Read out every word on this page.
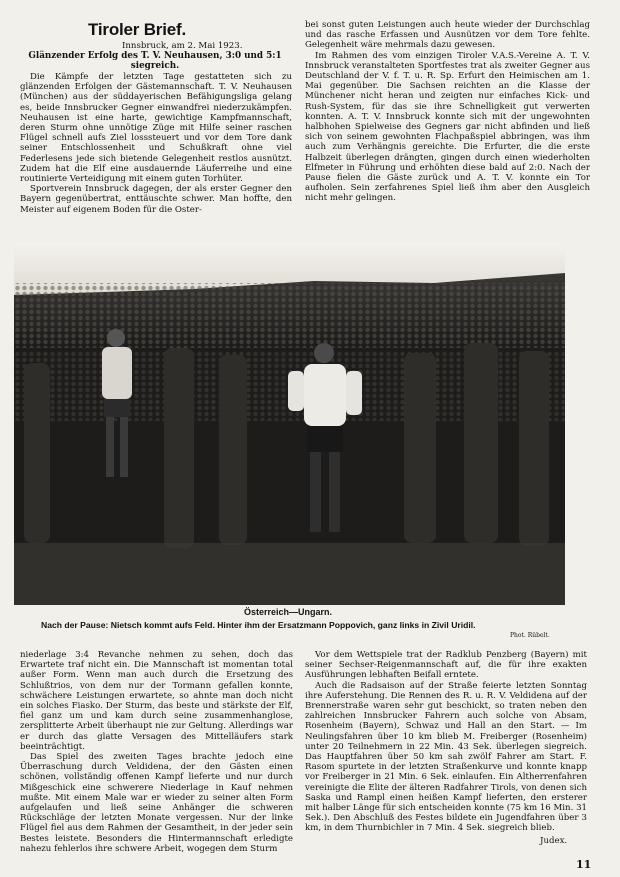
Tiroler Brief.
Innsbruck, am 2. Mai 1923.
Glänzender Erfolg des T. V. Neuhausen, 3:0 und 5:1 siegreich.

Die Kämpfe der letzten Tage gestatteten sich zu glänzenden Erfolgen der Gästemannschaft. T. V. Neuhausen (München) aus der süddayerischen Befähigungsliga gelang es, beide Innsbrucker Gegner einwandfrei niederzukämpfen. Neuhausen ist eine harte, gewichtige Kampfmannschaft, deren Sturm ohne unnötige Züge mit Hilfe seiner raschen Flügel schnell aufs Ziel losssteuert und vor dem Tore dank seiner Entschlossenheit und Schußkraft ohne viel Federlesens jede sich bietende Gelegenheit restlos ausnützt. Zudem hat die Elf eine ausdauernde Läuferreihe und eine routinierte Verteidigung mit einem guten Torhüter.

Sportverein Innsbruck dagegen, der als erster Gegner den Bayern gegenübertrat, enttäuschte schwer. Man hoffte, den Meister auf eigenem Boden für die Oster-

bei sonst guten Leistungen auch heute wieder der Durchschlag und das rasche Erfassen und Ausnützen vor dem Tore fehlte. Gelegenheit wäre mehrmals dazu gewesen.

Im Rahmen des vom einzigen Tiroler V.A.S.-Vereine A. T. V. Innsbruck veranstalteten Sportfestes trat als zweiter Gegner aus Deutschland der V. f. T. u. R. Sp. Erfurt den Heimischen am 1. Mai gegenüber. Die Sachsen reichten an die Klasse der Münchener nicht heran und zeigten nur einfaches Kick- und Rush-System, für das sie ihre Schnelligkeit gut verwerten konnten. A. T. V. Innsbruck konnte sich mit der ungewohnten halbhohen Spielweise des Gegners gar nicht abfinden und ließ sich von seinem gewohnten Flachpaßspiel abbringen, was ihm auch zum Verhängnis gereichte. Die Erfurter, die die erste Halbzeit überlegen drängten, gingen durch einen wiederholten Elfmeter in Führung und erhöhten diese bald auf 2:0. Nach der Pause fielen die Gäste zurück und A. T. V. konnte ein Tor aufholen. Sein zerfahrenes Spiel ließ ihm aber den Ausgleich nicht mehr gelingen.

Österreich—Ungarn.
Nach der Pause: Nietsch kommt aufs Feld. Hinter ihm der Ersatzmann Poppovich, ganz links in Zivil Uridil.
Phot. Rübelt.

niederlage 3:4 Revanche nehmen zu sehen, doch das Erwartete traf nicht ein. Die Mannschaft ist momentan total außer Form. Wenn man auch durch die Ersetzung des Schlußtrios, von dem nur der Tormann gefallen konnte, schwächere Leistungen erwartete, so ahnte man doch nicht ein solches Fiasko. Der Sturm, das beste und stärkste der Elf, fiel ganz um und kam durch seine zusammenhanglose, zersplitterte Arbeit überhaupt nie zur Geltung. Allerdings war er durch das glatte Versagen des Mittelläufers stark beeinträchtigt.

Das Spiel des zweiten Tages brachte jedoch eine Überraschung durch Veldidena, der den Gästen einen schönen, vollständig offenen Kampf lieferte und nur durch Mißgeschick eine schwerere Niederlage in Kauf nehmen mußte. Mit einem Male war er wieder zu seiner alten Form aufgelaufen und ließ seine Anhänger die schweren Rückschläge der letzten Monate vergessen. Nur der linke Flügel fiel aus dem Rahmen der Gesamtheit, in der jeder sein Bestes leistete. Besonders die Hintermannschaft erledigte nahezu fehlerlos ihre schwere Arbeit, wogegen dem Sturm

Vor dem Wettspiele trat der Radklub Penzberg (Bayern) mit seiner Sechser-Reigenmannschaft auf, die für ihre exakten Ausführungen lebhaften Beifall erntete.

Auch die Radsaison auf der Straße feierte letzten Sonntag ihre Auferstehung. Die Rennen des R. u. R. V. Veldidena auf der Brennerstraße waren sehr gut beschickt, so traten neben den zahlreichen Innsbrucker Fahrern auch solche von Absam, Rosenheim (Bayern), Schwaz und Hall an den Start. — Im Neulingsfahren über 10 km blieb M. Freiberger (Rosenheim) unter 20 Teilnehmern in 22 Min. 43 Sek. überlegen siegreich. Das Hauptfahren über 50 km sah zwölf Fahrer am Start. F. Rasom spurtete in der letzten Straßenkurve und konnte knapp vor Freiberger in 21 Min. 6 Sek. einlaufen. Ein Altherrenfahren vereinigte die Elite der älteren Radfahrer Tirols, von denen sich Saska und Rampl einen heißen Kampf lieferten, den ersterer mit halber Länge für sich entscheiden konnte (75 km 16 Min. 31 Sek.). Den Abschluß des Festes bildete ein Jugendfahren über 3 km, in dem Thurnbichler in 7 Min. 4 Sek. siegreich blieb.

Judex.
11
